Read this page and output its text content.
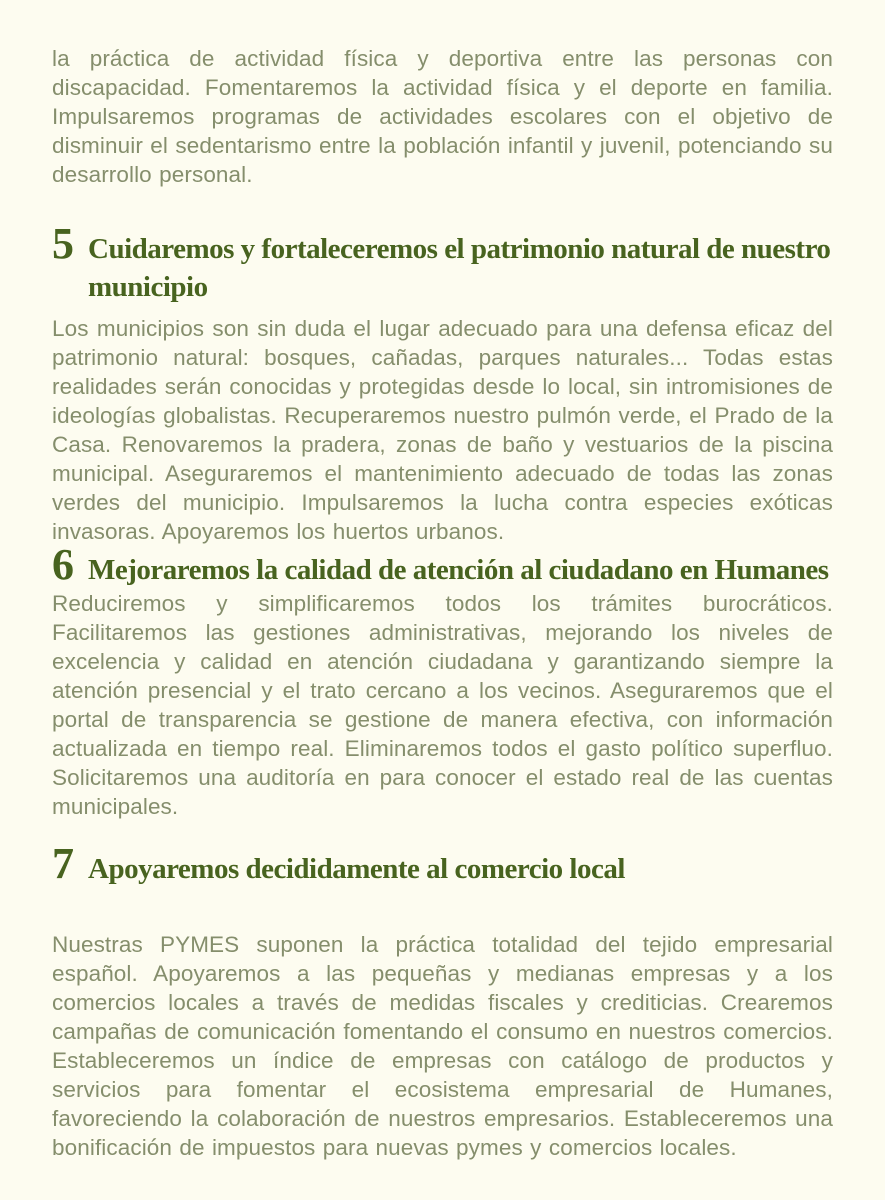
la práctica de actividad física y deportiva entre las personas con discapacidad. Fomentaremos la actividad física y el deporte en familia. Impulsaremos programas de actividades escolares con el objetivo de disminuir el sedentarismo entre la población infantil y juvenil, potenciando su desarrollo personal.

5 Cuidaremos y fortaleceremos el patrimonio natural de nuestro municipio

Los municipios son sin duda el lugar adecuado para una defensa eficaz del patrimonio natural: bosques, cañadas, parques naturales... Todas estas realidades serán conocidas y protegidas desde lo local, sin intromisiones de ideologías globalistas. Recuperaremos nuestro pulmón verde, el Prado de la Casa. Renovaremos la pradera, zonas de baño y vestuarios de la piscina municipal. Aseguraremos el mantenimiento adecuado de todas las zonas verdes del municipio. Impulsaremos la lucha contra especies exóticas invasoras. Apoyaremos los huertos urbanos.

6 Mejoraremos la calidad de atención al ciudadano en Humanes

Reduciremos y simplificaremos todos los trámites burocráticos. Facilitaremos las gestiones administrativas, mejorando los niveles de excelencia y calidad en atención ciudadana y garantizando siempre la atención presencial y el trato cercano a los vecinos. Aseguraremos que el portal de transparencia se gestione de manera efectiva, con información actualizada en tiempo real. Eliminaremos todos el gasto político superfluo. Solicitaremos una auditoría en para conocer el estado real de las cuentas municipales.

7 Apoyaremos decididamente al comercio local

Nuestras PYMES suponen la práctica totalidad del tejido empresarial español. Apoyaremos a las pequeñas y medianas empresas y a los comercios locales a través de medidas fiscales y crediticias. Crearemos campañas de comunicación fomentando el consumo en nuestros comercios. Estableceremos un índice de empresas con catálogo de productos y servicios para fomentar el ecosistema empresarial de Humanes, favoreciendo la colaboración de nuestros empresarios. Estableceremos una bonificación de impuestos para nuevas pymes y comercios locales.
